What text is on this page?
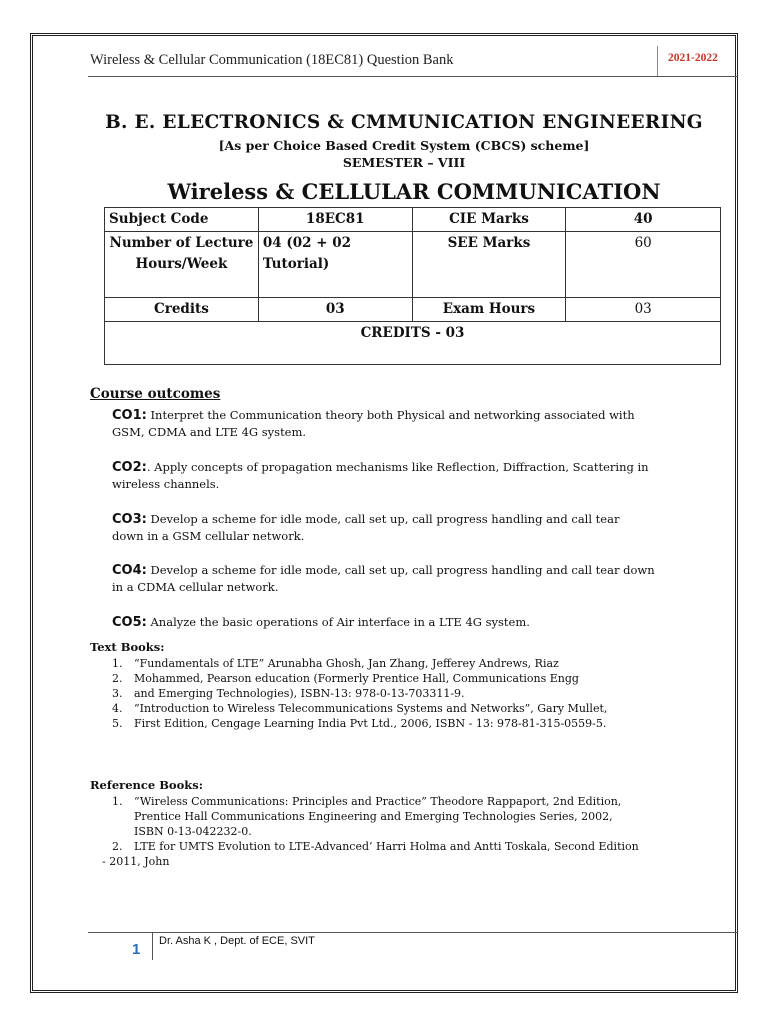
Wireless & Cellular Communication (18EC81) Question Bank	2021-2022
B. E. ELECTRONICS & CMMUNICATION ENGINEERING
[As per Choice Based Credit System (CBCS) scheme]
SEMESTER – VIII
Wireless & CELLULAR COMMUNICATION
Subject Code	18EC81	CIE Marks	40
Number of Lecture Hours/Week	04 (02 + 02 Tutorial)	SEE Marks	60
Credits	03	Exam Hours	03
CREDITS - 03			
Course outcomes
CO1: Interpret the Communication theory both Physical and networking associated with
GSM, CDMA and LTE 4G system.
CO2:. Apply concepts of propagation mechanisms like Reflection, Diffraction, Scattering in
wireless channels.
CO3: Develop a scheme for idle mode, call set up, call progress handling and call tear
down in a GSM cellular network.
CO4: Develop a scheme for idle mode, call set up, call progress handling and call tear down
in a CDMA cellular network.
CO5: Analyze the basic operations of Air interface in a LTE 4G system.
Text Books:
1. “Fundamentals of LTE” Arunabha Ghosh, Jan Zhang, Jefferey Andrews, Riaz
2. Mohammed, Pearson education (Formerly Prentice Hall, Communications Engg
3. and Emerging Technologies), ISBN-13: 978-0-13-703311-9.
4. “Introduction to Wireless Telecommunications Systems and Networks”, Gary Mullet,
5. First Edition, Cengage Learning India Pvt Ltd., 2006, ISBN - 13: 978-81-315-0559-5.
Reference Books:
1. “Wireless Communications: Principles and Practice” Theodore Rappaport, 2nd Edition,
Prentice Hall Communications Engineering and Emerging Technologies Series, 2002,
ISBN 0-13-042232-0.
2. LTE for UMTS Evolution to LTE-Advanced’ Harri Holma and Antti Toskala, Second Edition
- 2011, John
1 Dr. Asha K , Dept. of ECE, SVIT
